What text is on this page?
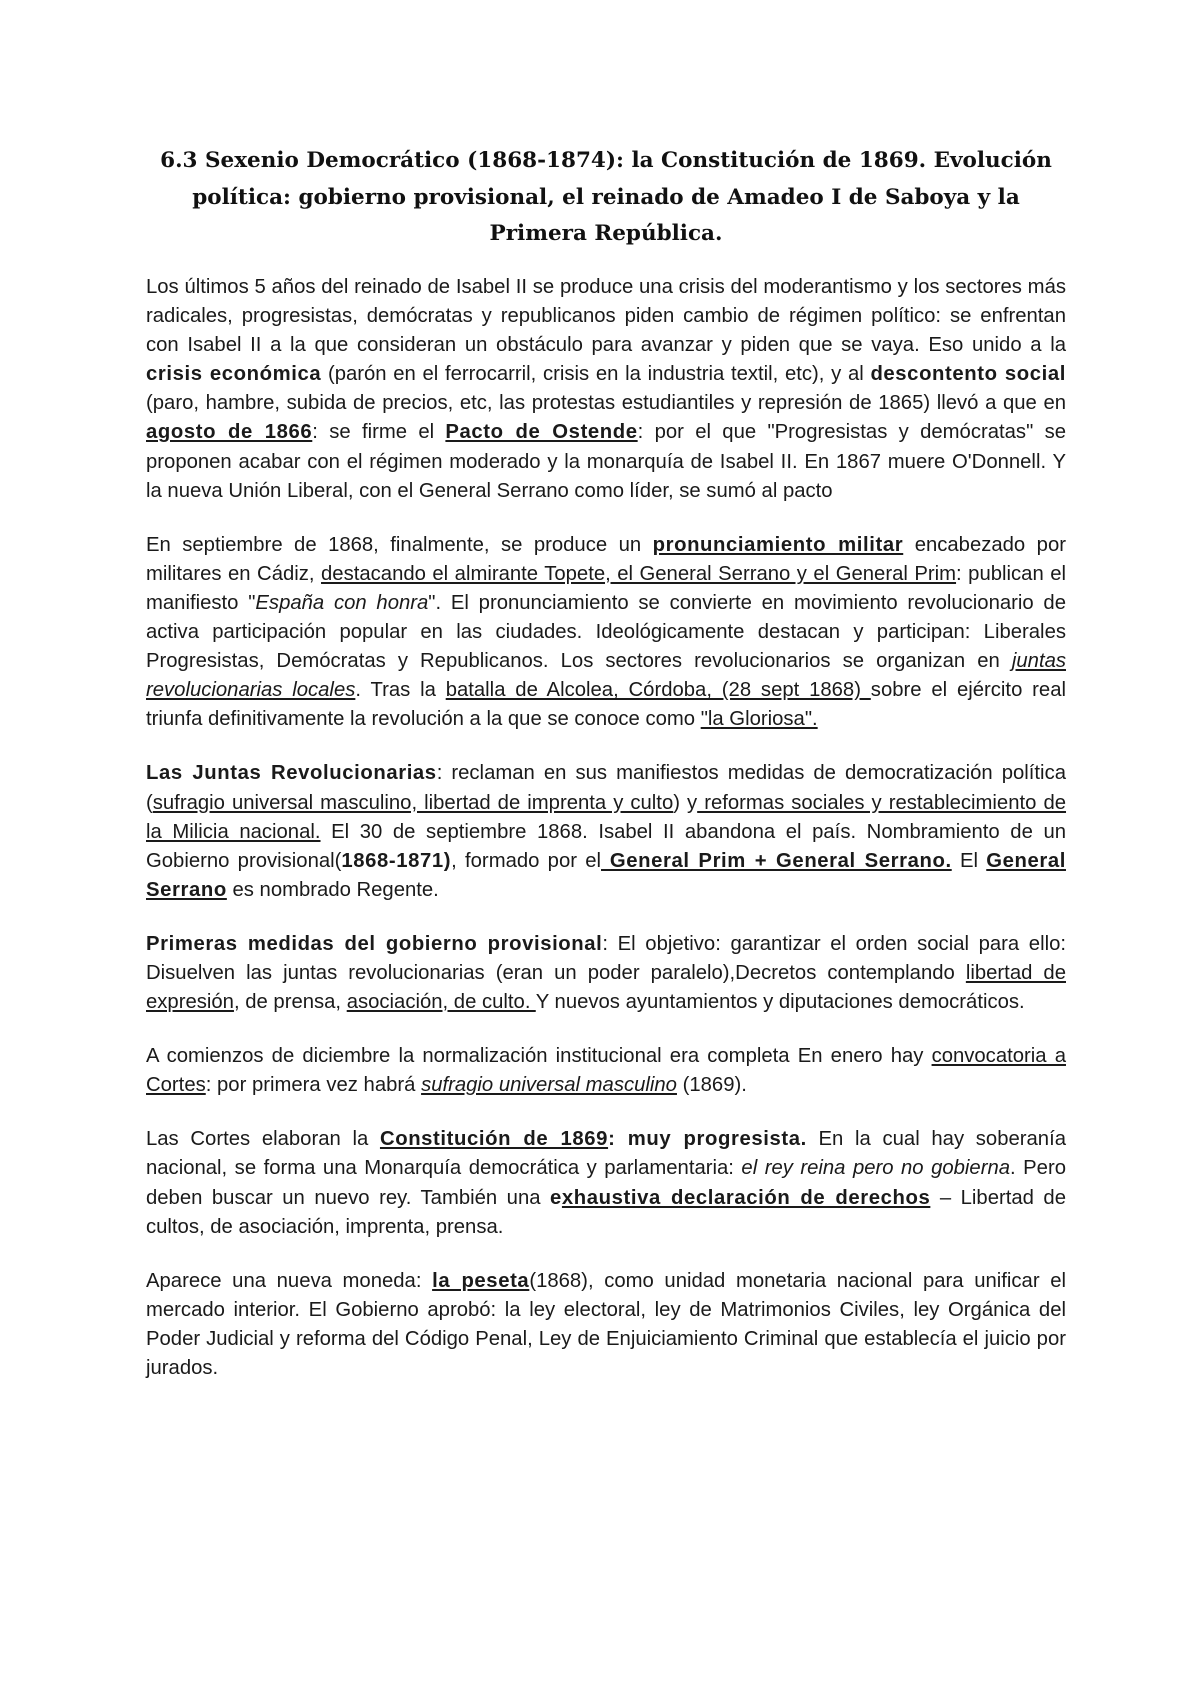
6.3 Sexenio Democrático (1868-1874): la Constitución de 1869. Evolución política: gobierno provisional, el reinado de Amadeo I de Saboya y la Primera República.

Los últimos 5 años del reinado de Isabel II se produce una crisis del moderantismo y los sectores más radicales, progresistas, demócratas y republicanos piden cambio de régimen político: se enfrentan con Isabel II a la que consideran un obstáculo para avanzar y piden que se vaya. Eso unido a la crisis económica (parón en el ferrocarril, crisis en la industria textil, etc), y al descontento social (paro, hambre, subida de precios, etc, las protestas estudiantiles y represión de 1865) llevó a que en agosto de 1866: se firme el Pacto de Ostende: por el que "Progresistas y demócratas" se proponen acabar con el régimen moderado y la monarquía de Isabel II. En 1867 muere O'Donnell. Y la nueva Unión Liberal, con el General Serrano como líder, se sumó al pacto

En septiembre de 1868, finalmente, se produce un pronunciamiento militar encabezado por militares en Cádiz, destacando el almirante Topete, el General Serrano y el General Prim: publican el manifiesto "España con honra". El pronunciamiento se convierte en movimiento revolucionario de activa participación popular en las ciudades. Ideológicamente destacan y participan: Liberales Progresistas, Demócratas y Republicanos. Los sectores revolucionarios se organizan en juntas revolucionarias locales. Tras la batalla de Alcolea, Córdoba, (28 sept 1868) sobre el ejército real triunfa definitivamente la revolución a la que se conoce como "la Gloriosa".

Las Juntas Revolucionarias: reclaman en sus manifiestos medidas de democratización política (sufragio universal masculino, libertad de imprenta y culto) y reformas sociales y restablecimiento de la Milicia nacional. El 30 de septiembre 1868. Isabel II abandona el país. Nombramiento de un Gobierno provisional(1868-1871), formado por el General Prim + General Serrano. El General Serrano es nombrado Regente.

Primeras medidas del gobierno provisional: El objetivo: garantizar el orden social para ello: Disuelven las juntas revolucionarias (eran un poder paralelo),Decretos contemplando libertad de expresión, de prensa, asociación, de culto. Y nuevos ayuntamientos y diputaciones democráticos.

A comienzos de diciembre la normalización institucional era completa En enero hay convocatoria a Cortes: por primera vez habrá sufragio universal masculino (1869).

Las Cortes elaboran la Constitución de 1869: muy progresista. En la cual hay soberanía nacional, se forma una Monarquía democrática y parlamentaria: el rey reina pero no gobierna. Pero deben buscar un nuevo rey. También una exhaustiva declaración de derechos – Libertad de cultos, de asociación, imprenta, prensa.

Aparece una nueva moneda: la peseta(1868), como unidad monetaria nacional para unificar el mercado interior. El Gobierno aprobó: la ley electoral, ley de Matrimonios Civiles, ley Orgánica del Poder Judicial y reforma del Código Penal, Ley de Enjuiciamiento Criminal que establecía el juicio por jurados.
